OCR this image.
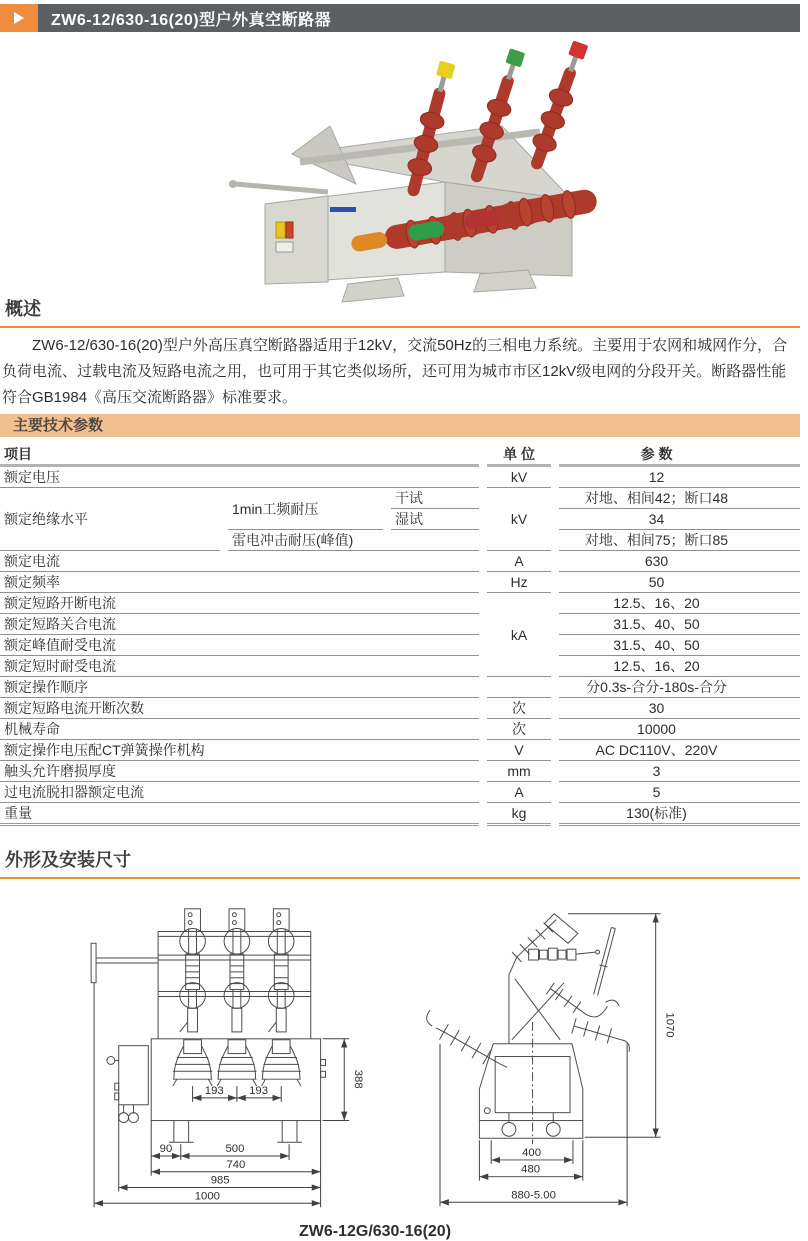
ZW6-12/630-16(20)型户外真空断路器
概述

ZW6-12/630-16(20)型户外高压真空断路器适用于12kV，交流50Hz的三相电力系统。主要用于农网和城网作分，合负荷电流、过载电流及短路电流之用，也可用于其它类似场所，还可用为城市市区12kV级电网的分段开关。断路器性能符合GB1984《高压交流断路器》标准要求。

主要技术参数
项目			单 位	参 数
额定电压			kV	12
额定绝缘水平	1min工频耐压	干试	kV	对地、相间42；断口48
		湿试		34
	雷电冲击耐压(峰值)			对地、相间75；断口85
额定电流			A	630
额定频率			Hz	50
额定短路开断电流			kA	12.5、16、20
额定短路关合电流				31.5、40、50
额定峰值耐受电流				31.5、40、50
额定短时耐受电流				12.5、16、20
额定操作顺序				分0.3s-合分-180s-合分
额定短路电流开断次数			次	30
机械寿命			次	10000
额定操作电压配CT弹簧操作机构			V	AC DC110V、220V
触头允许磨损厚度			mm	3
过电流脱扣器额定电流			A	5
重量			kg	130(标准)
外形及安装尺寸
193 193
388
90	500
740
985
1000
1070
400
480
880-5.00
ZW6-12G/630-16(20)
